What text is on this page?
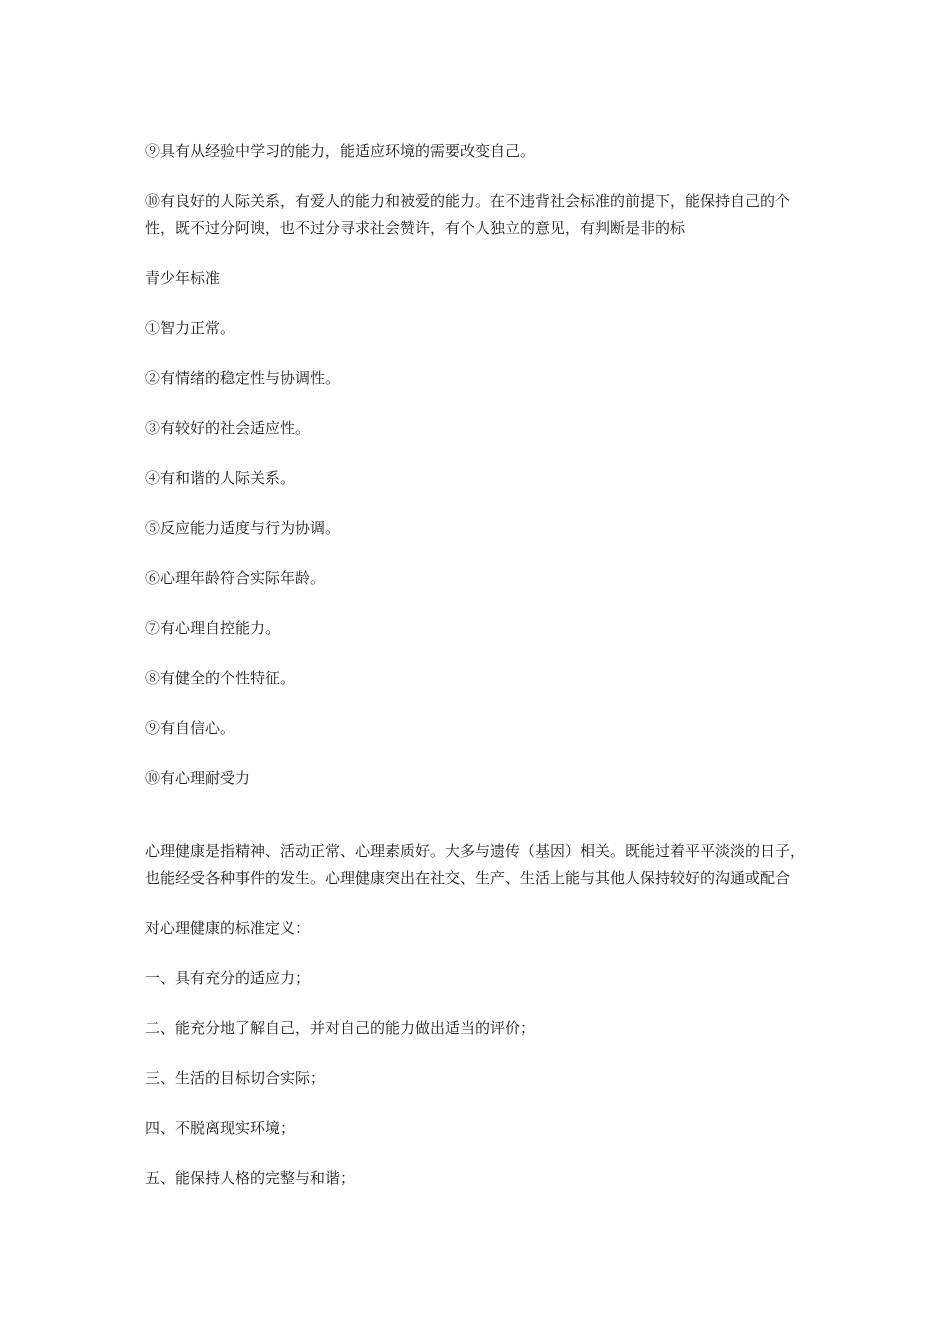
⑨具有从经验中学习的能力，能适应环境的需要改变自己。

⑩有良好的人际关系，有爱人的能力和被爱的能力。在不违背社会标准的前提下，能保持自己的个性，既不过分阿谀，也不过分寻求社会赞许，有个人独立的意见，有判断是非的标

青少年标准

①智力正常。

②有情绪的稳定性与协调性。

③有较好的社会适应性。

④有和谐的人际关系。

⑤反应能力适度与行为协调。

⑥心理年龄符合实际年龄。

⑦有心理自控能力。

⑧有健全的个性特征。

⑨有自信心。

⑩有心理耐受力

心理健康是指精神、活动正常、心理素质好。大多与遗传（基因）相关。既能过着平平淡淡的日子，也能经受各种事件的发生。心理健康突出在社交、生产、生活上能与其他人保持较好的沟通或配合

对心理健康的标准定义：

一、具有充分的适应力；

二、能充分地了解自己，并对自己的能力做出适当的评价；

三、生活的目标切合实际；

四、不脱离现实环境；

五、能保持人格的完整与和谐；
